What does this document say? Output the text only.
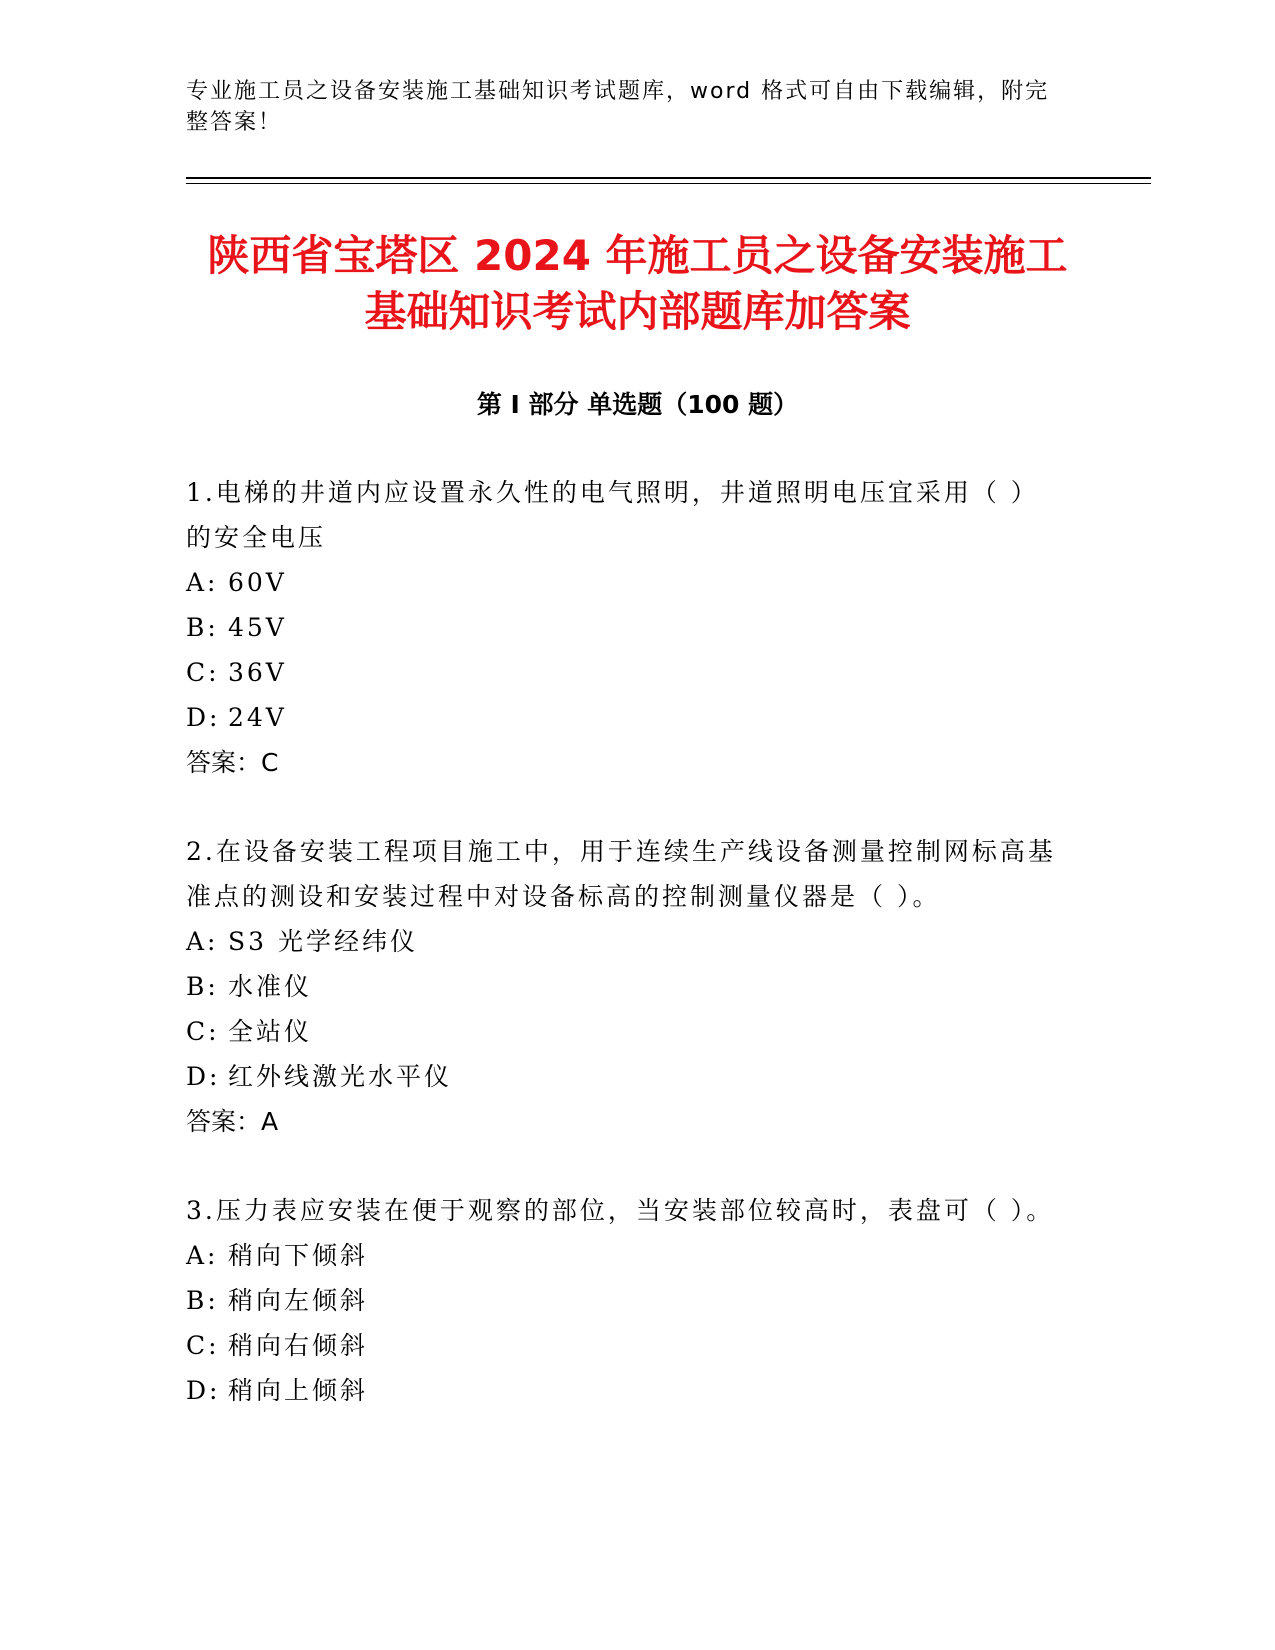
专业施工员之设备安装施工基础知识考试题库，word 格式可自由下载编辑，附完整答案！
陕西省宝塔区 2024 年施工员之设备安装施工
基础知识考试内部题库加答案
第 I 部分 单选题（100 题）

1.电梯的井道内应设置永久性的电气照明，井道照明电压宜采用（ ）的安全电压

A: 60V

B: 45V

C: 36V

D: 24V

答案：C

2.在设备安装工程项目施工中，用于连续生产线设备测量控制网标高基准点的测设和安装过程中对设备标高的控制测量仪器是（ ）。

A: S3 光学经纬仪

B: 水准仪

C: 全站仪

D: 红外线激光水平仪

答案：A

3.压力表应安装在便于观察的部位，当安装部位较高时，表盘可（ ）。

A: 稍向下倾斜

B: 稍向左倾斜

C: 稍向右倾斜

D: 稍向上倾斜
